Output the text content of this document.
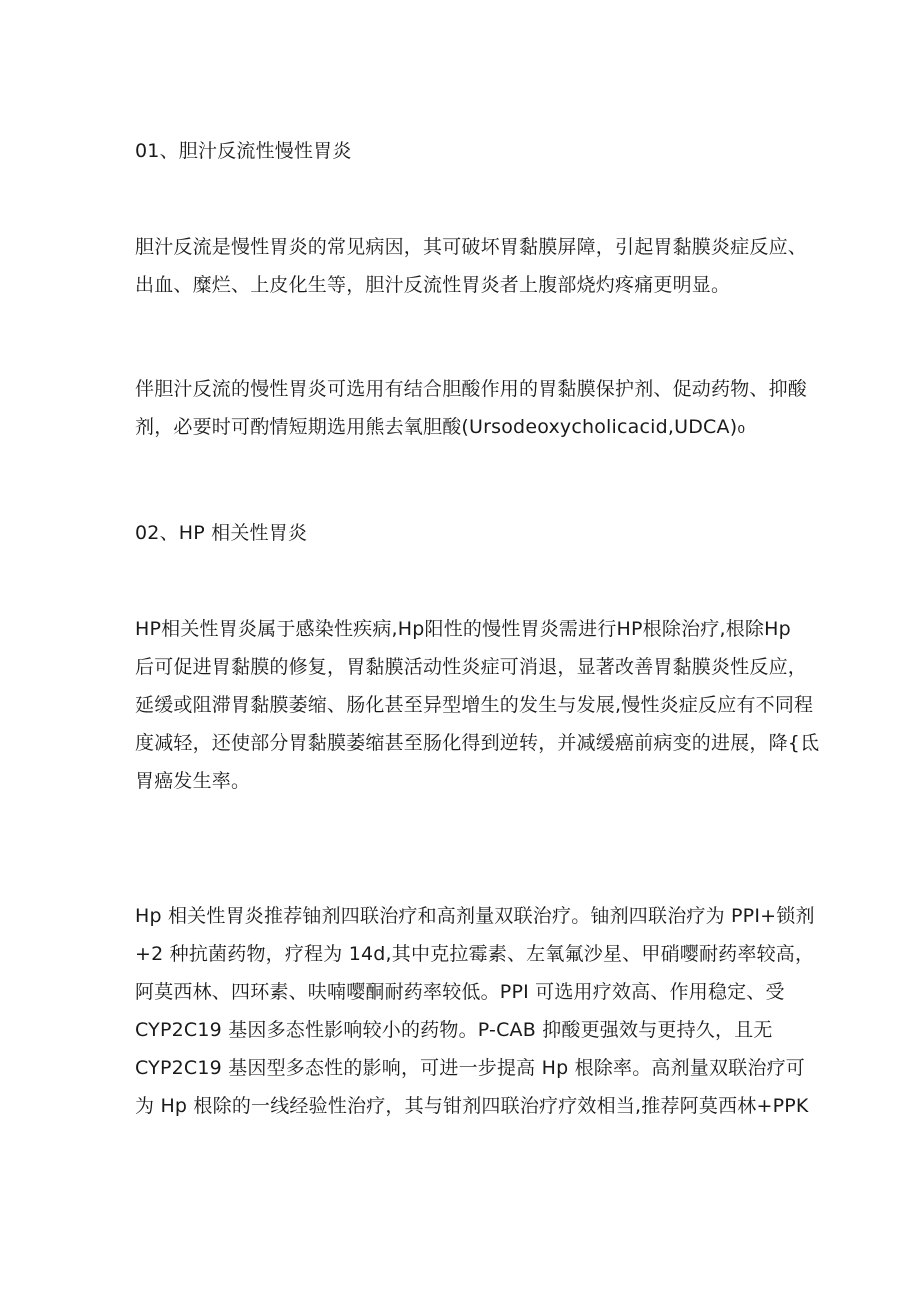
01、胆汁反流性慢性胃炎
胆汁反流是慢性胃炎的常见病因，其可破坏胃黏膜屏障，引起胃黏膜炎症反应、
出血、糜烂、上皮化生等，胆汁反流性胃炎者上腹部烧灼疼痛更明显。
伴胆汁反流的慢性胃炎可选用有结合胆酸作用的胃黏膜保护剂、促动药物、抑酸
剂，必要时可酌情短期选用熊去氧胆酸(Ursodeoxycholicacid,UDCA)₀
02、HP 相关性胃炎
HP相关性胃炎属于感染性疾病,Hp阳性的慢性胃炎需进行HP根除治疗,根除Hp
后可促进胃黏膜的修复，胃黏膜活动性炎症可消退，显著改善胃黏膜炎性反应，
延缓或阻滞胃黏膜萎缩、肠化甚至异型增生的发生与发展,慢性炎症反应有不同程
度减轻，还使部分胃黏膜萎缩甚至肠化得到逆转，并减缓癌前病变的进展，降{氐
胃癌发生率。
Hp 相关性胃炎推荐铀剂四联治疗和高剂量双联治疗。铀剂四联治疗为 PPI+锁剂
+2 种抗菌药物，疗程为 14d,其中克拉霉素、左氧氟沙星、甲硝嘤耐药率较高，
阿莫西林、四环素、呋喃嘤酮耐药率较低。PPI 可选用疗效高、作用稳定、受
CYP2C19 基因多态性影响较小的药物。P-CAB 抑酸更强效与更持久，且无
CYP2C19 基因型多态性的影响，可进一步提高 Hp 根除率。高剂量双联治疗可
为 Hp 根除的一线经验性治疗，其与钳剂四联治疗疗效相当,推荐阿莫西林+PPK
